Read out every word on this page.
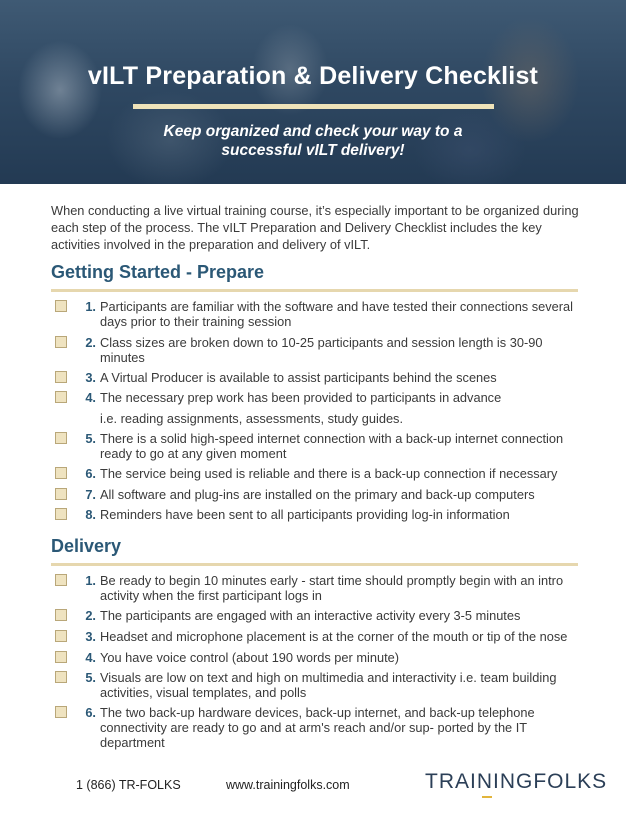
vILT Preparation & Delivery Checklist
Keep organized and check your way to a
successful vILT delivery!
When conducting a live virtual training course, it’s especially important to be organized during each step of the process. The vILT Preparation and Delivery Checklist includes the key activities involved in the preparation and delivery of vILT.
Getting Started - Prepare
1. Participants are familiar with the software and have tested their connections several days prior to their training session
2. Class sizes are broken down to 10-25 participants and session length is 30-90 minutes
3. A Virtual Producer is available to assist participants behind the scenes
4. The necessary prep work has been provided to participants in advance
i.e. reading assignments, assessments, study guides.
5. There is a solid high-speed internet connection with a back-up internet connection ready to go at any given moment
6. The service being used is reliable and there is a back-up connection if necessary
7. All software and plug-ins are installed on the primary and back-up computers
8. Reminders have been sent to all participants providing log-in information
Delivery
1. Be ready to begin 10 minutes early - start time should promptly begin with an intro activity when the first participant logs in
2. The participants are engaged with an interactive activity every 3-5 minutes
3. Headset and microphone placement is at the corner of the mouth or tip of the nose
4. You have voice control (about 190 words per minute)
5. Visuals are low on text and high on multimedia and interactivity i.e. team building activities, visual templates, and polls
6. The two back-up hardware devices, back-up internet, and back-up telephone connectivity are ready to go and at arm's reach and/or sup- ported by the IT department
1 (866) TR-FOLKS	www.trainingfolks.com	TRAININGFOLKS
